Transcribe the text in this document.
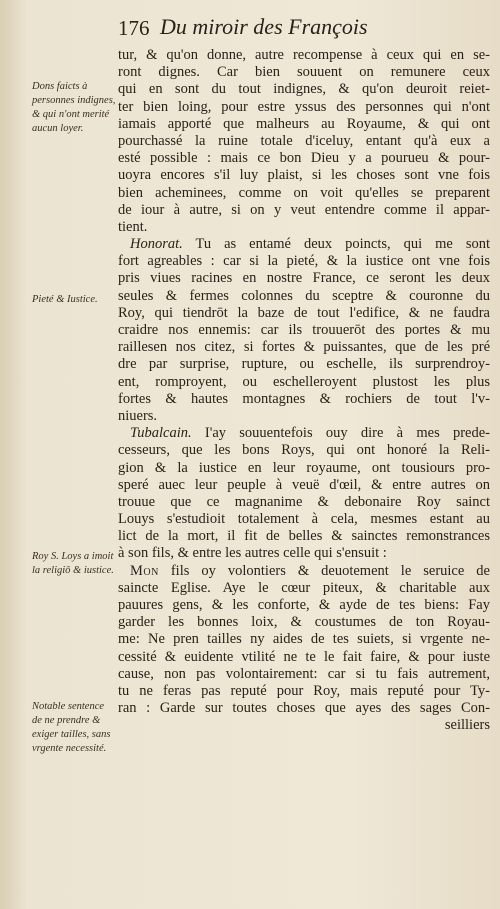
176 Du miroir des François
Dons faicts à personnes indignes, & qui n'ont merité aucun loyer.
Pieté & Iustice.
Roy S. Loys a imoit la religiō & iustice.
Notable sentence de ne prendre & exiger tailles, sans vrgente necessité.
tur, & qu'on donne, autre recompense à ceux qui en se-
ront dignes. Car bien souuent on remunere ceux
qui en sont du tout indignes, & qu'on deuroit reiet-
ter bien loing, pour estre yssus des personnes qui n'ont
iamais apporté que malheurs au Royaume, & qui ont
pourchassé la ruine totale d'iceluy, entant qu'à eux a
esté possible : mais ce bon Dieu y a pourueu & pour-
uoyra encores s'il luy plaist, si les choses sont vne fois
bien acheminees, comme on voit qu'elles se preparent
de iour à autre, si on y veut entendre comme il appar-
tient.
Honorat. Tu as entamé deux poincts, qui me sont
fort agreables : car si la pieté, & la iustice ont vne fois
pris viues racines en nostre France, ce seront les deux
seules & fermes colonnes du sceptre & couronne du
Roy, qui tiendrōt la baze de tout l'edifice, & ne faudra
craidre nos ennemis: car ils trouuerōt des portes & mu
raillesen nos citez, si fortes & puissantes, que de les pré
dre par surprise, rupture, ou eschelle, ils surprendroy-
ent, romproyent, ou eschelleroyent plustost les plus
fortes & hautes montagnes & rochiers de tout l'v-
niuers.
Tubalcain. I'ay souuentefois ouy dire à mes prede-
cesseurs, que les bons Roys, qui ont honoré la Reli-
gion & la iustice en leur royaume, ont tousiours pro-
speré auec leur peuple à veuë d'œil, & entre autres on
trouue que ce magnanime & debonaire Roy sainct
Louys s'estudioit totalement à cela, mesmes estant au
lict de la mort, il fit de belles & sainctes remonstrances
à son fils, & entre les autres celle qui s'ensuit :
Mon fils oy volontiers & deuotement le seruice de
saincte Eglise. Aye le cœur piteux, & charitable aux
pauures gens, & les conforte, & ayde de tes biens: Fay
garder les bonnes loix, & coustumes de ton Royau-
me: Ne pren tailles ny aides de tes suiets, si vrgente ne-
cessité & euidente vtilité ne te le fait faire, & pour iuste
cause, non pas volontairement: car si tu fais autrement,
tu ne feras pas reputé pour Roy, mais reputé pour Ty-
ran : Garde sur toutes choses que ayes des sages Con-
seilliers
